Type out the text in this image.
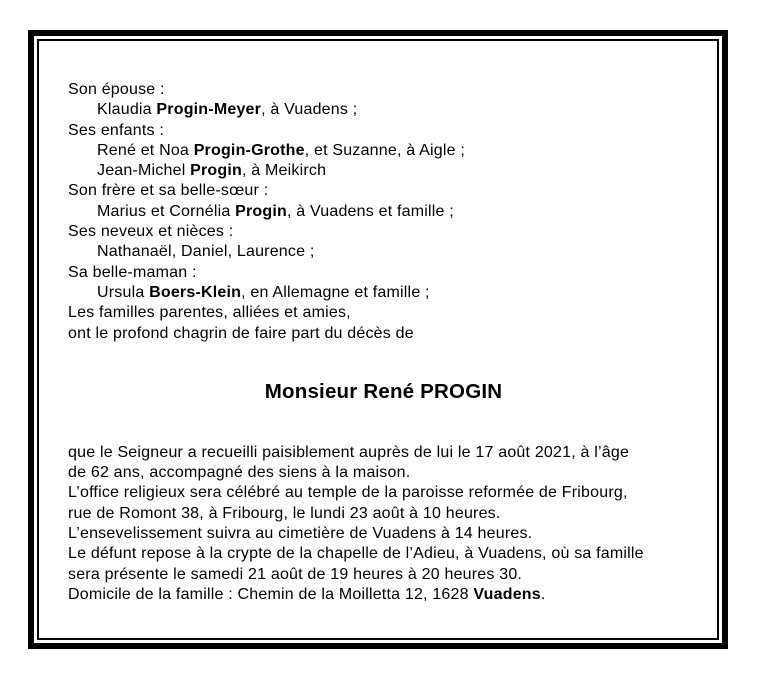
Son épouse :
Klaudia Progin-Meyer, à Vuadens ;
Ses enfants :
René et Noa Progin-Grothe, et Suzanne, à Aigle ;
Jean-Michel Progin, à Meikirch
Son frère et sa belle-sœur :
Marius et Cornélia Progin, à Vuadens et famille ;
Ses neveux et nièces :
Nathanaël, Daniel, Laurence ;
Sa belle-maman :
Ursula Boers-Klein, en Allemagne et famille ;
Les familles parentes, alliées et amies,
ont le profond chagrin de faire part du décès de
Monsieur René PROGIN
que le Seigneur a recueilli paisiblement auprès de lui le 17 août 2021, à l’âge
de 62 ans, accompagné des siens à la maison.
L’office religieux sera célébré au temple de la paroisse reformée de Fribourg,
rue de Romont 38, à Fribourg, le lundi 23 août à 10 heures.
L’ensevelissement suivra au cimetière de Vuadens à 14 heures.
Le défunt repose à la crypte de la chapelle de l’Adieu, à Vuadens, où sa famille
sera présente le samedi 21 août de 19 heures à 20 heures 30.
Domicile de la famille : Chemin de la Moilletta 12, 1628 Vuadens.
